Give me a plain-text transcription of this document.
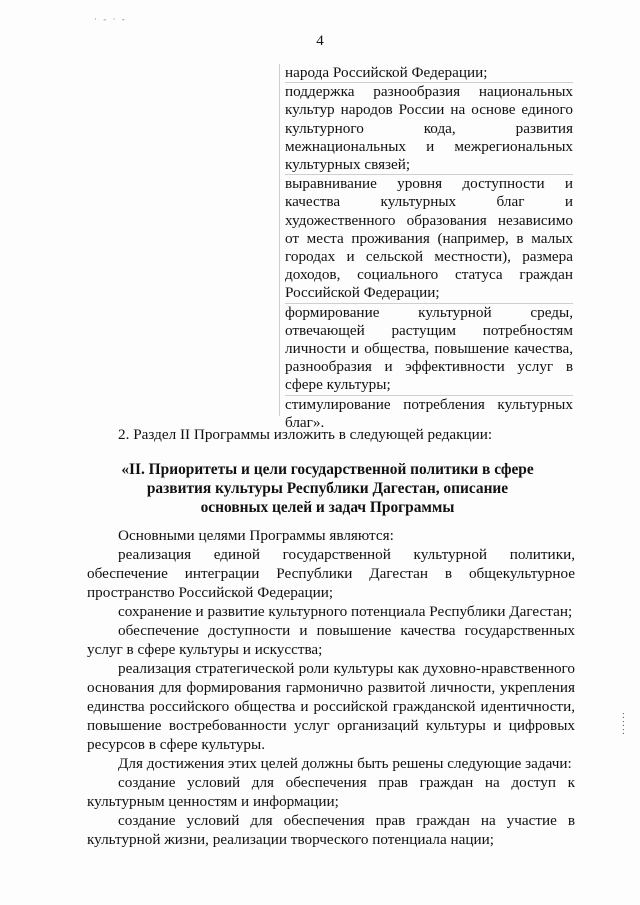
· - · -
4
народа Российской Федерации;
поддержка разнообразия национальных культур народов России на основе единого культурного кода, развития межнациональных и межрегиональных культурных связей;
выравнивание уровня доступности и качества культурных благ и художественного образования независимо от места проживания (например, в малых городах и сельской местности), размера доходов, социального статуса граждан Российской Федерации;
формирование культурной среды, отвечающей растущим потребностям личности и общества, повышение качества, разнообразия и эффективности услуг в сфере культуры;
стимулирование потребления культурных благ».
2. Раздел II Программы изложить в следующей редакции:
«II. Приоритеты и цели государственной политики в сфере развития культуры Республики Дагестан, описание основных целей и задач Программы

Основными целями Программы являются:

реализация единой государственной культурной политики, обеспечение интеграции Республики Дагестан в общекультурное пространство Российской Федерации;

сохранение и развитие культурного потенциала Республики Дагестан;

обеспечение доступности и повышение качества государственных услуг в сфере культуры и искусства;

реализация стратегической роли культуры как духовно-нравственного основания для формирования гармонично развитой личности, укрепления единства российского общества и российской гражданской идентичности, повышение востребованности услуг организаций культуры и цифровых ресурсов в сфере культуры.

Для достижения этих целей должны быть решены следующие задачи:

создание условий для обеспечения прав граждан на доступ к культурным ценностям и информации;

создание условий для обеспечения прав граждан на участие в культурной жизни, реализации творческого потенциала нации;

:
:
:
